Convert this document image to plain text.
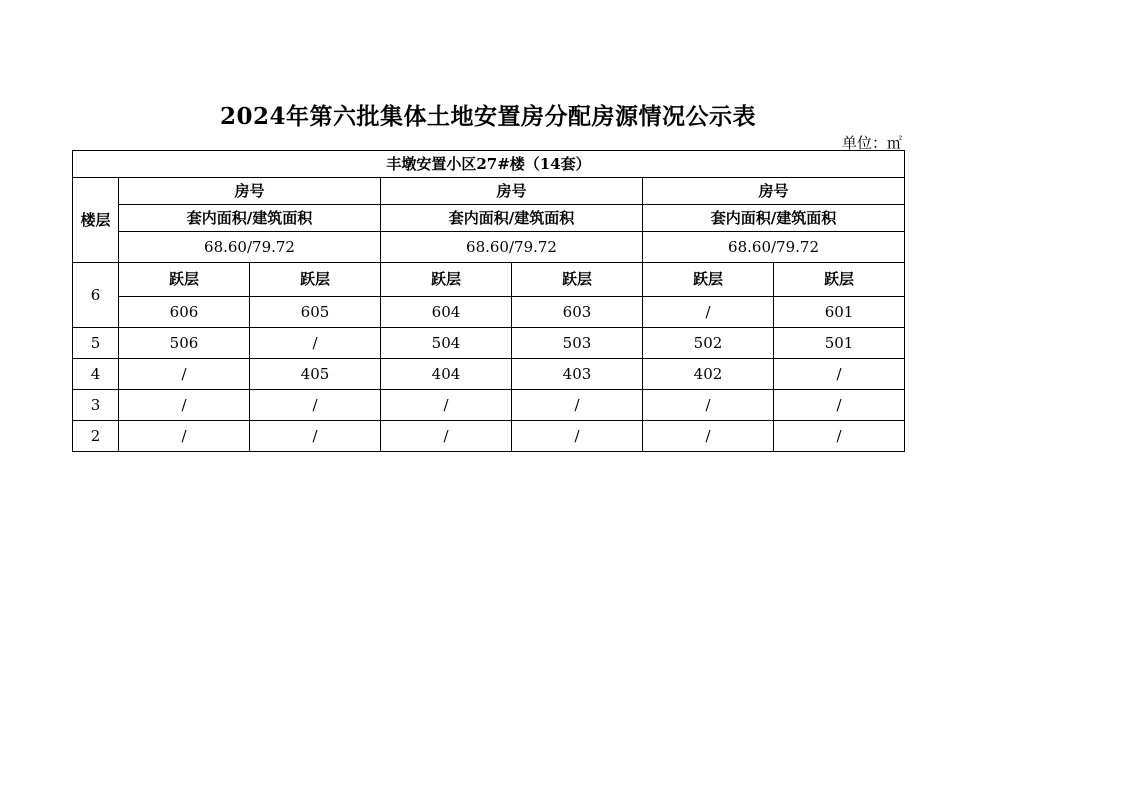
2024年第六批集体土地安置房分配房源情况公示表
单位：㎡
丰墩安置小区27#楼（14套）						
楼层	房号		房号		房号	
	套内面积/建筑面积		套内面积/建筑面积		套内面积/建筑面积	
	68.60/79.72		68.60/79.72		68.60/79.72	
6	跃层	跃层	跃层	跃层	跃层	跃层
	606	605	604	603	/	601
5	506	/	504	503	502	501
4	/	405	404	403	402	/
3	/	/	/	/	/	/
2	/	/	/	/	/	/
